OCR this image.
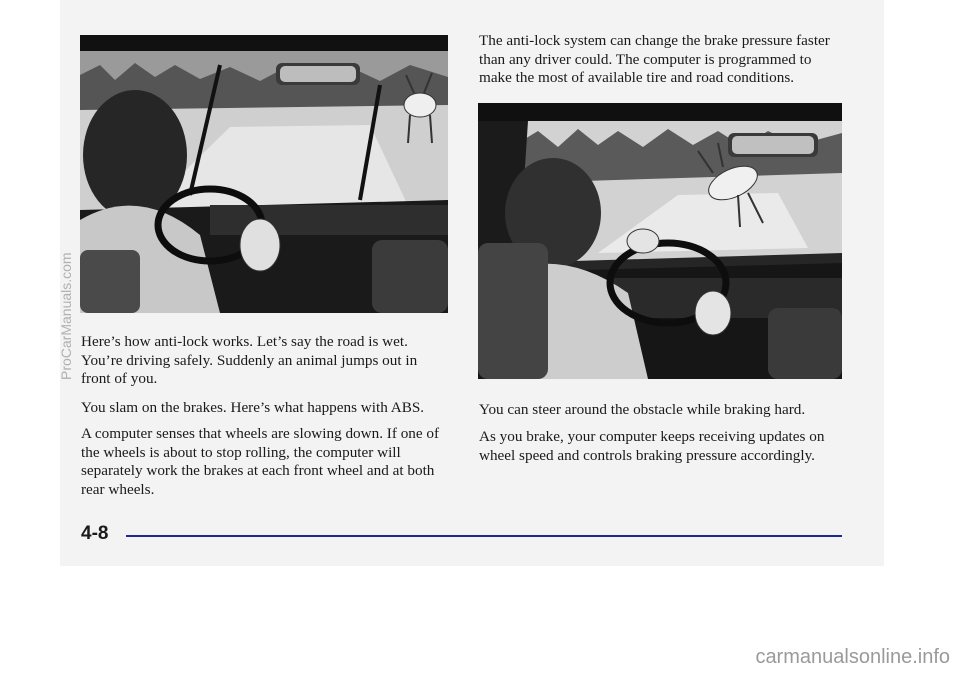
Here’s how anti-lock works. Let’s say the road is wet. You’re driving safely. Suddenly an animal jumps out in front of you.

You slam on the brakes. Here’s what happens with ABS.

A computer senses that wheels are slowing down. If one of the wheels is about to stop rolling, the computer will separately work the brakes at each front wheel and at both rear wheels.

The anti-lock system can change the brake pressure faster than any driver could. The computer is programmed to make the most of available tire and road conditions.

You can steer around the obstacle while braking hard.

As you brake, your computer keeps receiving updates on wheel speed and controls braking pressure accordingly.

4-8
ProCarManuals.com
carmanualsonline.info
